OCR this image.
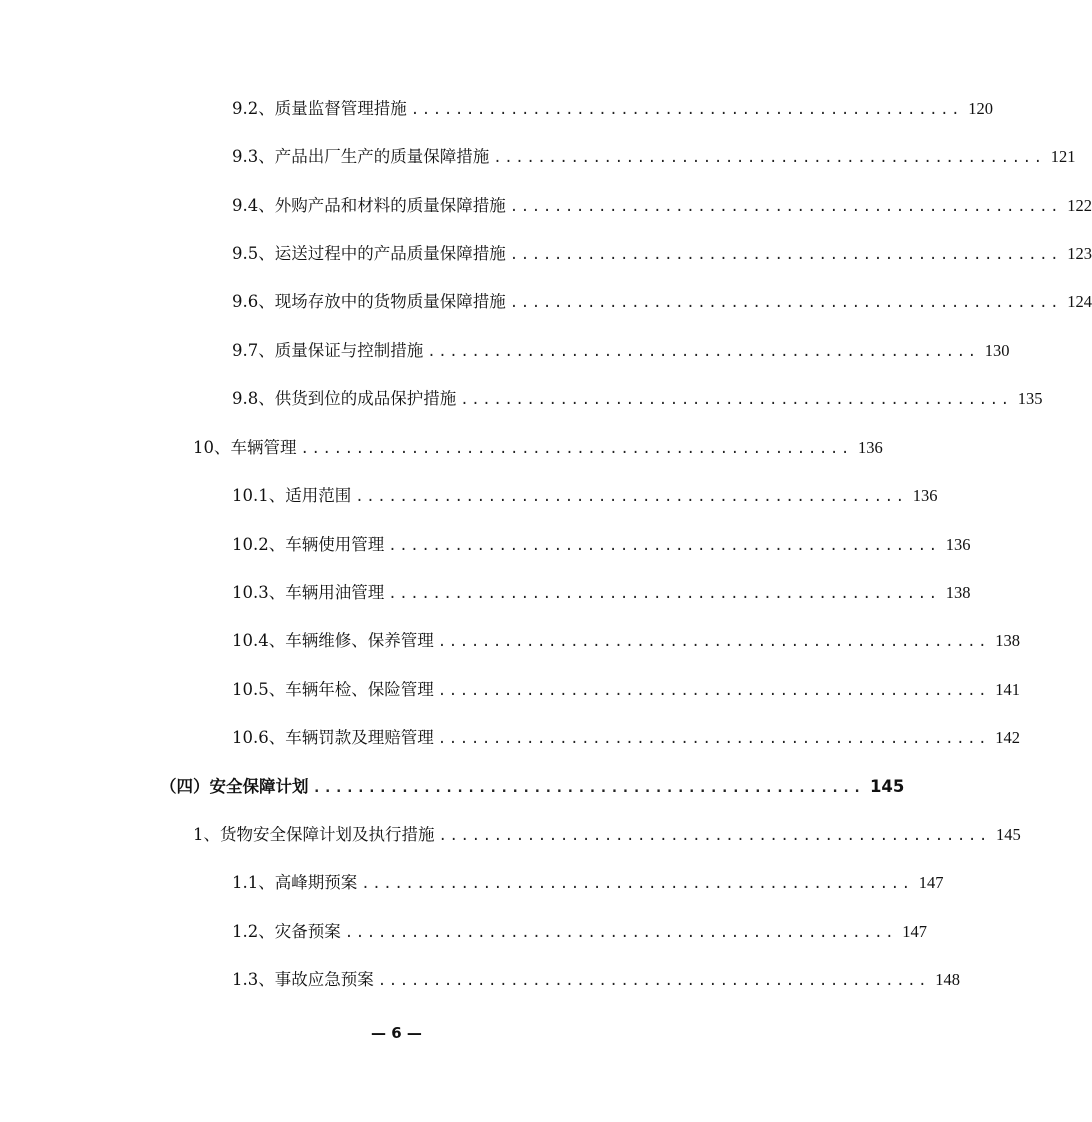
9.2、质量监督管理措施 .................................................. 120
9.3、产品出厂生产的质量保障措施 .................................................. 121
9.4、外购产品和材料的质量保障措施 .................................................. 122
9.5、运送过程中的产品质量保障措施 .................................................. 123
9.6、现场存放中的货物质量保障措施 .................................................. 124
9.7、质量保证与控制措施 .................................................. 130
9.8、供货到位的成品保护措施 .................................................. 135
10、车辆管理 .................................................. 136
10.1、适用范围 .................................................. 136
10.2、车辆使用管理 .................................................. 136
10.3、车辆用油管理 .................................................. 138
10.4、车辆维修、保养管理 .................................................. 138
10.5、车辆年检、保险管理 .................................................. 141
10.6、车辆罚款及理赔管理 .................................................. 142
（四）安全保障计划 .................................................. 145
1、货物安全保障计划及执行措施 .................................................. 145
1.1、高峰期预案 .................................................. 147
1.2、灾备预案 .................................................. 147
1.3、事故应急预案 .................................................. 148
— 6 —
